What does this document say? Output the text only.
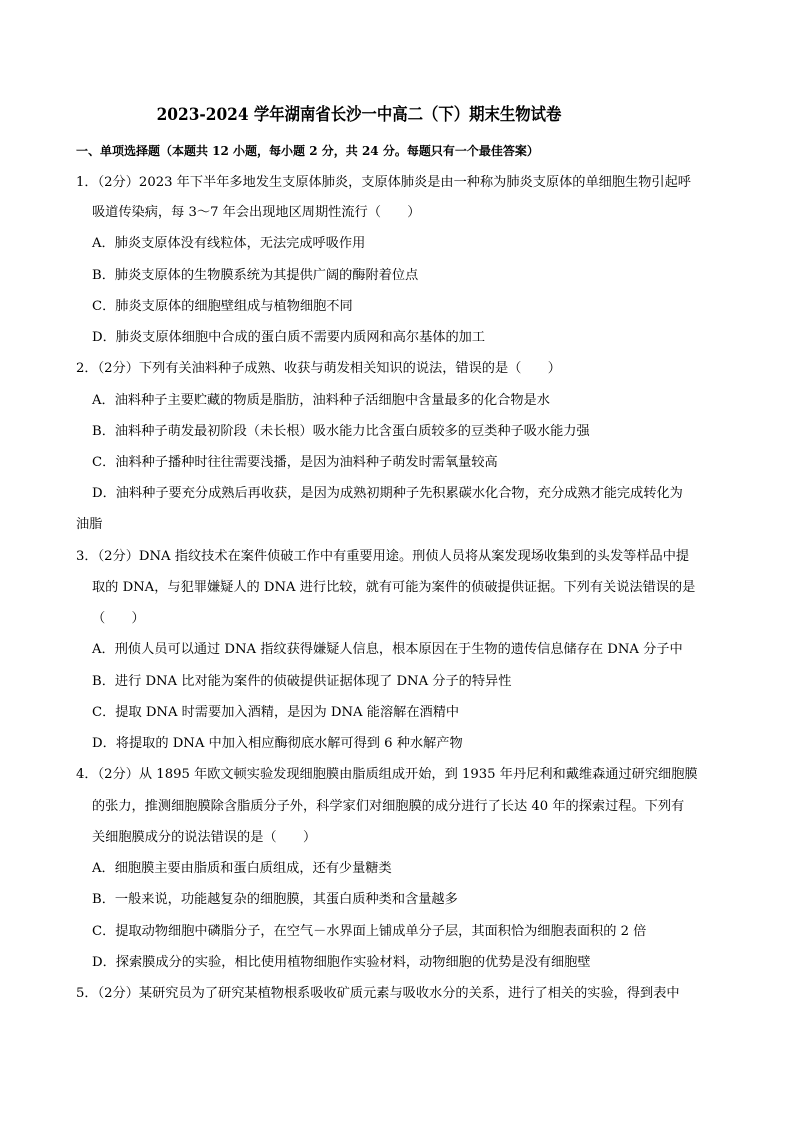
2023-2024 学年湖南省长沙一中高二（下）期末生物试卷
一、单项选择题（本题共 12 小题，每小题 2 分，共 24 分。每题只有一个最佳答案）
1．（2分）2023 年下半年多地发生支原体肺炎，支原体肺炎是由一种称为肺炎支原体的单细胞生物引起呼
吸道传染病，每 3～7 年会出现地区周期性流行（　　）
A．肺炎支原体没有线粒体，无法完成呼吸作用
B．肺炎支原体的生物膜系统为其提供广阔的酶附着位点
C．肺炎支原体的细胞壁组成与植物细胞不同
D．肺炎支原体细胞中合成的蛋白质不需要内质网和高尔基体的加工
2．（2分）下列有关油料种子成熟、收获与萌发相关知识的说法，错误的是（　　）
A．油料种子主要贮藏的物质是脂肪，油料种子活细胞中含量最多的化合物是水
B．油料种子萌发最初阶段（未长根）吸水能力比含蛋白质较多的豆类种子吸水能力强
C．油料种子播种时往往需要浅播，是因为油料种子萌发时需氧量较高
D．油料种子要充分成熟后再收获，是因为成熟初期种子先积累碳水化合物，充分成熟才能完成转化为
油脂
3．（2分）DNA 指纹技术在案件侦破工作中有重要用途。刑侦人员将从案发现场收集到的头发等样品中提
取的 DNA，与犯罪嫌疑人的 DNA 进行比较，就有可能为案件的侦破提供证据。下列有关说法错误的是
（　　）
A．刑侦人员可以通过 DNA 指纹获得嫌疑人信息，根本原因在于生物的遗传信息储存在 DNA 分子中
B．进行 DNA 比对能为案件的侦破提供证据体现了 DNA 分子的特异性
C．提取 DNA 时需要加入酒精，是因为 DNA 能溶解在酒精中
D．将提取的 DNA 中加入相应酶彻底水解可得到 6 种水解产物
4．（2分）从 1895 年欧文顿实验发现细胞膜由脂质组成开始，到 1935 年丹尼利和戴维森通过研究细胞膜
的张力，推测细胞膜除含脂质分子外，科学家们对细胞膜的成分进行了长达 40 年的探索过程。下列有
关细胞膜成分的说法错误的是（　　）
A．细胞膜主要由脂质和蛋白质组成，还有少量糖类
B．一般来说，功能越复杂的细胞膜，其蛋白质种类和含量越多
C．提取动物细胞中磷脂分子，在空气－水界面上铺成单分子层，其面积恰为细胞表面积的 2 倍
D．探索膜成分的实验，相比使用植物细胞作实验材料，动物细胞的优势是没有细胞壁
5．（2分）某研究员为了研究某植物根系吸收矿质元素与吸收水分的关系，进行了相关的实验，得到表中
